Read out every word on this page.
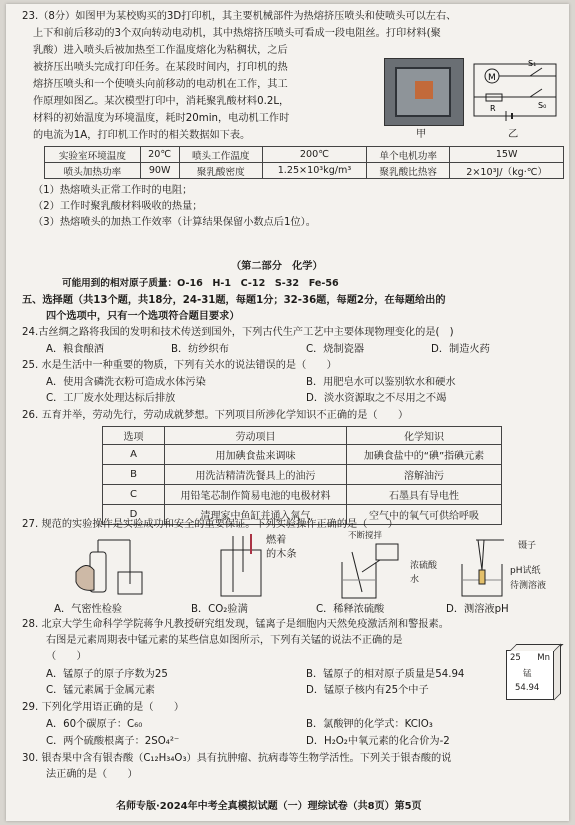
23.（8分）如图甲为某校购买的3D打印机，其主要机械部件为热熔挤压喷头和使喷头可以左右、
上下和前后移动的3个双向转动电动机，其中热熔挤压喷头可看成一段电阻丝。打印材料(聚
乳酸）进入喷头后被加热至工作温度熔化为粘稠状，之后
被挤压出喷头完成打印任务。在某段时间内，打印机的热
熔挤压喷头和一个使喷头向前移动的电动机在工作，其工
作原理如图乙。某次模型打印中，消耗聚乳酸材料0.2L，
材料的初始温度为环境温度，耗时20min，电动机工作时
的电流为1A，打印机工作时的相关数据如下表。	甲
M
S₁
R	S₀
乙
实验室环境温度	20℃	喷头工作温度	200℃	单个电机功率	15W
喷头加热功率	90W	聚乳酸密度	1.25×10³kg/m³	聚乳酸比热容	2×10³J/（kg·℃）
（1）热熔喷头正常工作时的电阻；
（2）工作时聚乳酸材料吸收的热量；
（3）热熔喷头的加热工作效率（计算结果保留小数点后1位）。
（第二部分　化学）
可能用到的相对原子质量：O-16　H-1　C-12　S-32　Fe-56
五、选择题（共13个题，共18分，24-31题，每题1分；32-36题，每题2分，在每题给出的
四个选项中，只有一个选项符合题目要求）
24.古丝绸之路将我国的发明和技术传送到国外，下列古代生产工艺中主要体现物理变化的是(　)
A．粮食酿酒	B．纺纱织布	C．烧制瓷器	D．制造火药
25. 水是生活中一种重要的物质，下列有关水的说法错误的是（　　）
A．使用含磷洗衣粉可造成水体污染	B．用肥皂水可以鉴别软水和硬水
C．工厂废水处理达标后排放	D．淡水资源取之不尽用之不竭
26. 五育并举，劳动先行，劳动成就梦想。下列项目所涉化学知识不正确的是（　　）
选项	劳动项目	化学知识
A	用加碘食盐来调味	加碘食盐中的“碘”指碘元素
B	用洗洁精清洗餐具上的油污	溶解油污
C	用铅笔芯制作简易电池的电极材料	石墨具有导电性
D	清理家中鱼缸并通入氧气	空气中的氧气可供给呼吸
27. 规范的实验操作是实验成功和安全的重要保证。下列实验操作正确的是（　　）
燃着
的木条
不断搅拌
浓硫酸
水
镊子
pH试纸
待测溶液
A．气密性检验	B．CO₂验满	C．稀释浓硫酸	D．测溶液pH
28. 北京大学生命科学学院蒋争凡教授研究组发现，锰离子是细胞内天然免疫激活剂和警报素。
右图是元素周期表中锰元素的某些信息如图所示，下列有关锰的说法不正确的是
（　　）
A．锰原子的原子序数为25	B．锰原子的相对原子质量是54.94
C．锰元素属于金属元素	D．锰原子核内有25个中子
25 Mn
锰
54.94
29. 下列化学用语正确的是（　　）
A．60个碳原子：C₆₀	B．氯酸钾的化学式：KClO₃
C．两个硫酸根离子：2SO₄²⁻	D．H₂O₂中氧元素的化合价为-2
30. 银杏果中含有银杏酸（C₁₂H₃₄O₃）具有抗肿瘤、抗病毒等生物学活性。下列关于银杏酸的说
法正确的是（　　）
名师专版·2024年中考全真模拟试题（一）理综试卷（共8页）第5页
